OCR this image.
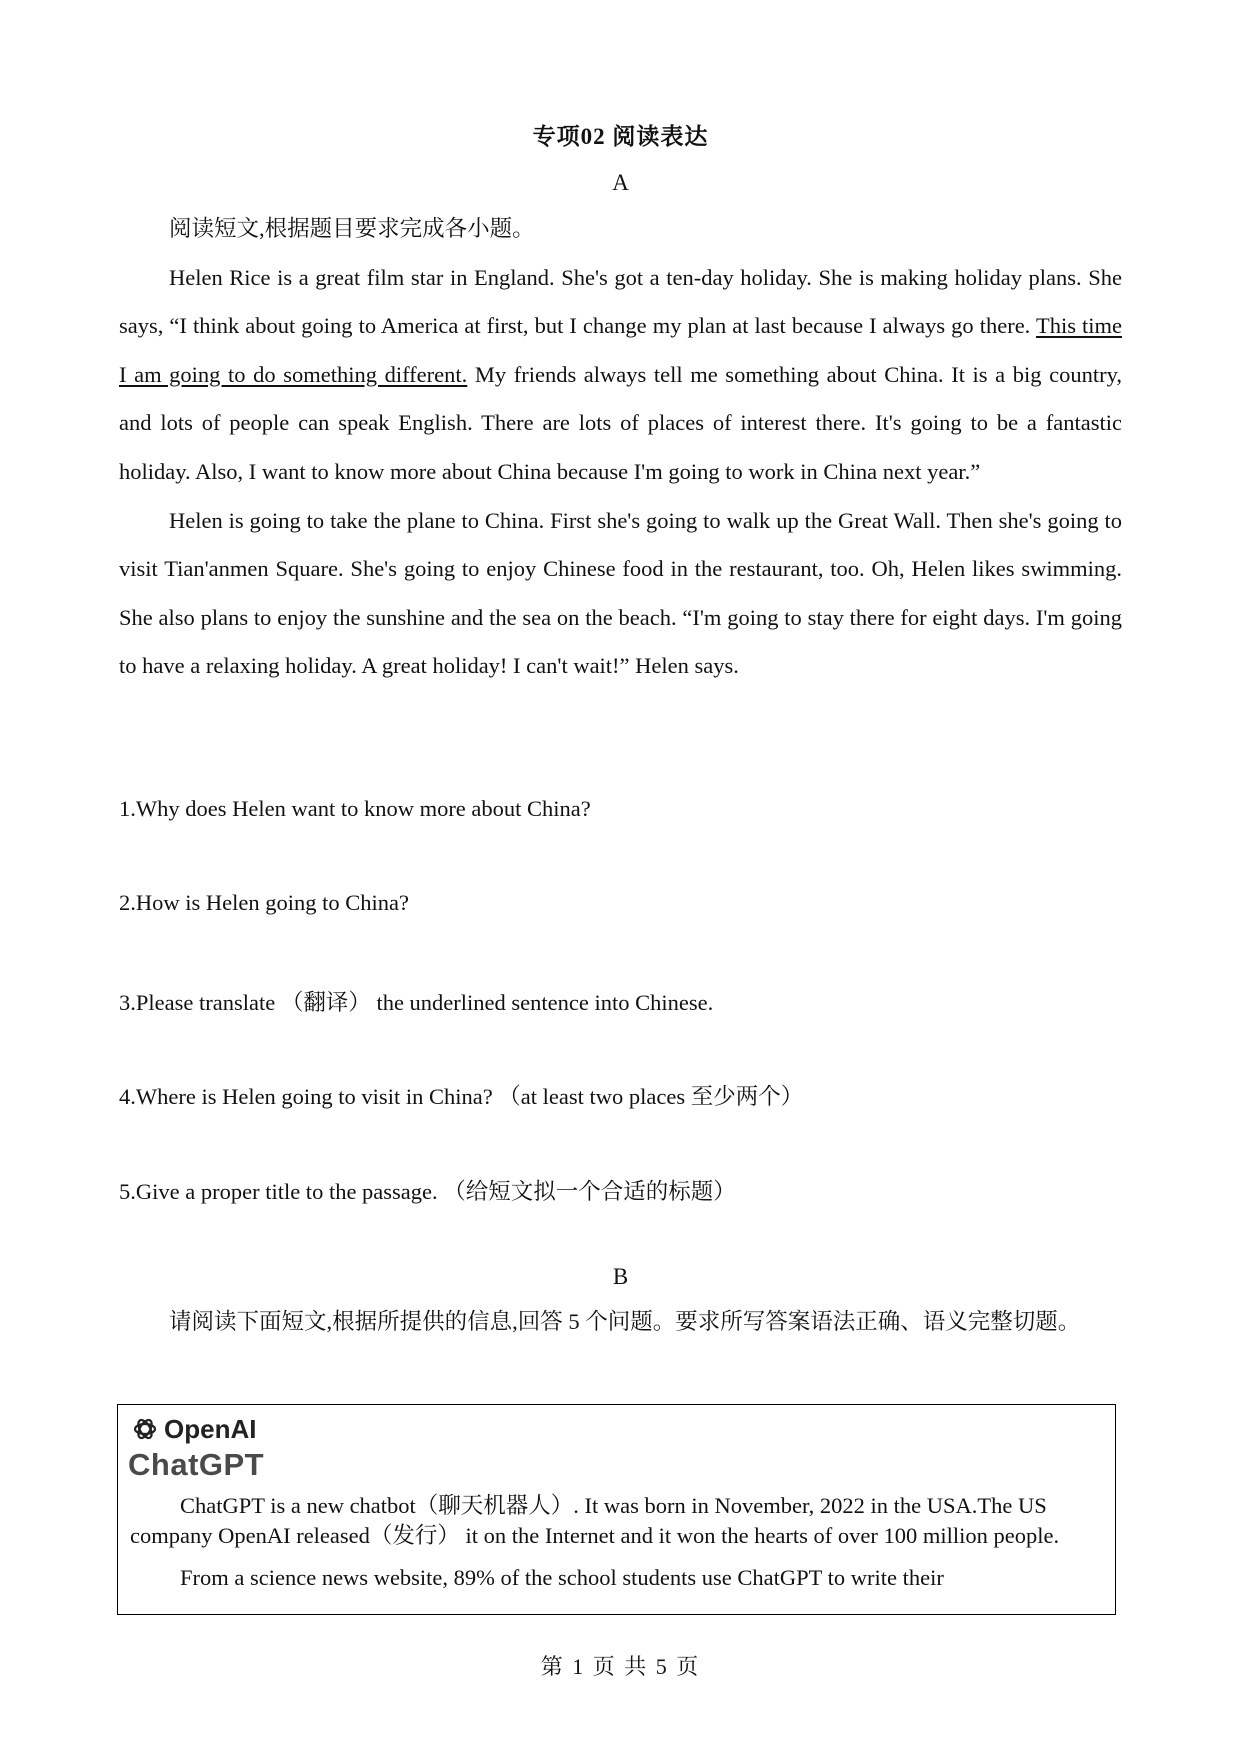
专项02 阅读表达
A

阅读短文,根据题目要求完成各小题。

Helen Rice is a great film star in England. She's got a ten-day holiday. She is making holiday plans. She says, “I think about going to America at first, but I change my plan at last because I always go there. This time I am going to do something different. My friends always tell me something about China. It is a big country, and lots of people can speak English. There are lots of places of interest there. It's going to be a fantastic holiday. Also, I want to know more about China because I'm going to work in China next year.”

Helen is going to take the plane to China. First she's going to walk up the Great Wall. Then she's going to visit Tian'anmen Square. She's going to enjoy Chinese food in the restaurant, too. Oh, Helen likes swimming. She also plans to enjoy the sunshine and the sea on the beach. “I'm going to stay there for eight days. I'm going to have a relaxing holiday. A great holiday! I can't wait!” Helen says.

1.Why does Helen want to know more about China?
2.How is Helen going to China?
3.Please translate （翻译） the underlined sentence into Chinese.
4.Where is Helen going to visit in China? （at least two places 至少两个）
5.Give a proper title to the passage. （给短文拟一个合适的标题）
B

请阅读下面短文,根据所提供的信息,回答 5 个问题。要求所写答案语法正确、语义完整切题。

OpenAI
ChatGPT

ChatGPT is a new chatbot（聊天机器人）. It was born in November, 2022 in the USA.The US company OpenAI released（发行） it on the Internet and it won the hearts of over 100 million people.

From a science news website, 89% of the school students use ChatGPT to write their

第 1 页 共 5 页
